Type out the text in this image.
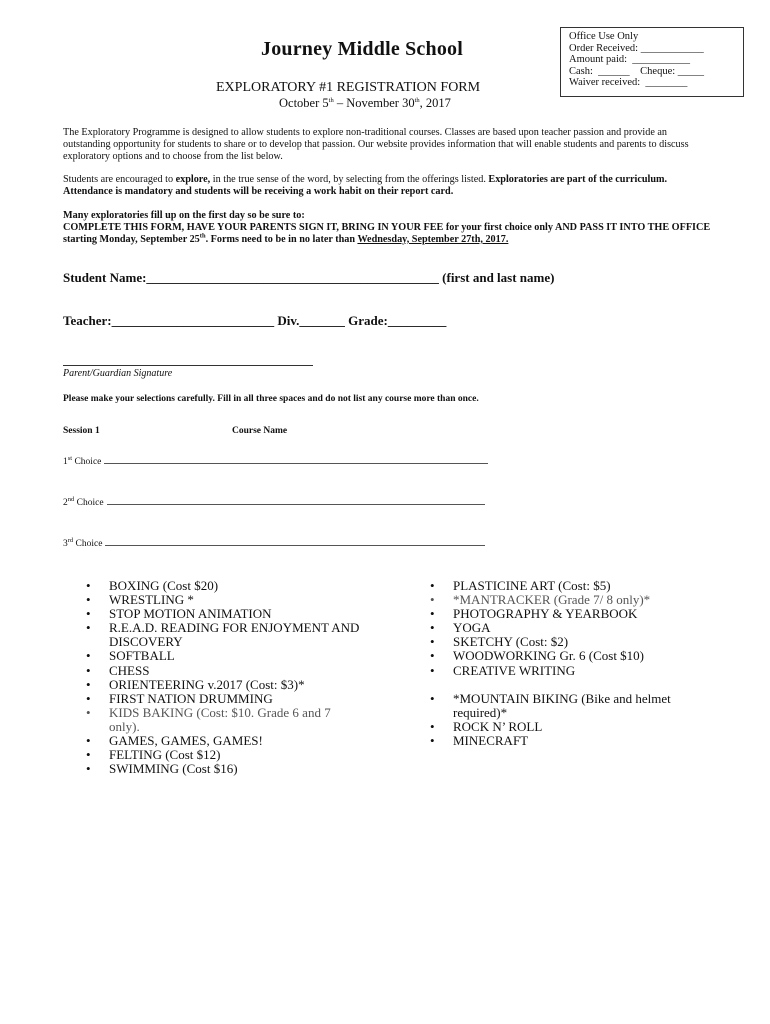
Journey Middle School
EXPLORATORY #1 REGISTRATION FORM
October 5th – November 30th, 2017
Office Use Only
Order Received: ____________
Amount paid:  ___________
Cash:  ______    Cheque: _____
Waiver received:  ________
The Exploratory Programme is designed to allow students to explore non-traditional courses. Classes are based upon teacher passion and provide an outstanding opportunity for students to share or to develop that passion. Our website provides information that will enable students and parents to discuss exploratory options and to choose from the list below.
Students are encouraged to explore, in the true sense of the word, by selecting from the offerings listed. Exploratories are part of the curriculum. Attendance is mandatory and students will be receiving a work habit on their report card.
Many exploratories fill up on the first day so be sure to:
COMPLETE THIS FORM, HAVE YOUR PARENTS SIGN IT, BRING IN YOUR FEE for your first choice only AND PASS IT INTO THE OFFICE starting Monday, September 25th. Forms need to be in no later than Wednesday, September 27th, 2017.
Student Name:_____________________________________________ (first and last name)
Teacher:_________________________ Div._______ Grade:_________
Parent/Guardian Signature
Please make your selections carefully. Fill in all three spaces and do not list any course more than once.
Session 1	Course Name
1st Choice
2nd Choice
3rd Choice
• BOXING (Cost $20)
• WRESTLING *
• STOP MOTION ANIMATION
• R.E.A.D. READING FOR ENJOYMENT AND DISCOVERY
• SOFTBALL
• CHESS
• ORIENTEERING v.2017 (Cost: $3)*
• FIRST NATION DRUMMING
• KIDS BAKING (Cost: $10. Grade 6 and 7 only).
• GAMES, GAMES, GAMES!
• FELTING (Cost $12)
• SWIMMING (Cost $16)
• PLASTICINE ART (Cost: $5)
• *MANTRACKER (Grade 7/ 8 only)*
• PHOTOGRAPHY & YEARBOOK
• YOGA
• SKETCHY (Cost: $2)
• WOODWORKING Gr. 6 (Cost $10)
• CREATIVE WRITING
• *MOUNTAIN BIKING (Bike and helmet required)*
• ROCK N’ ROLL
• MINECRAFT
